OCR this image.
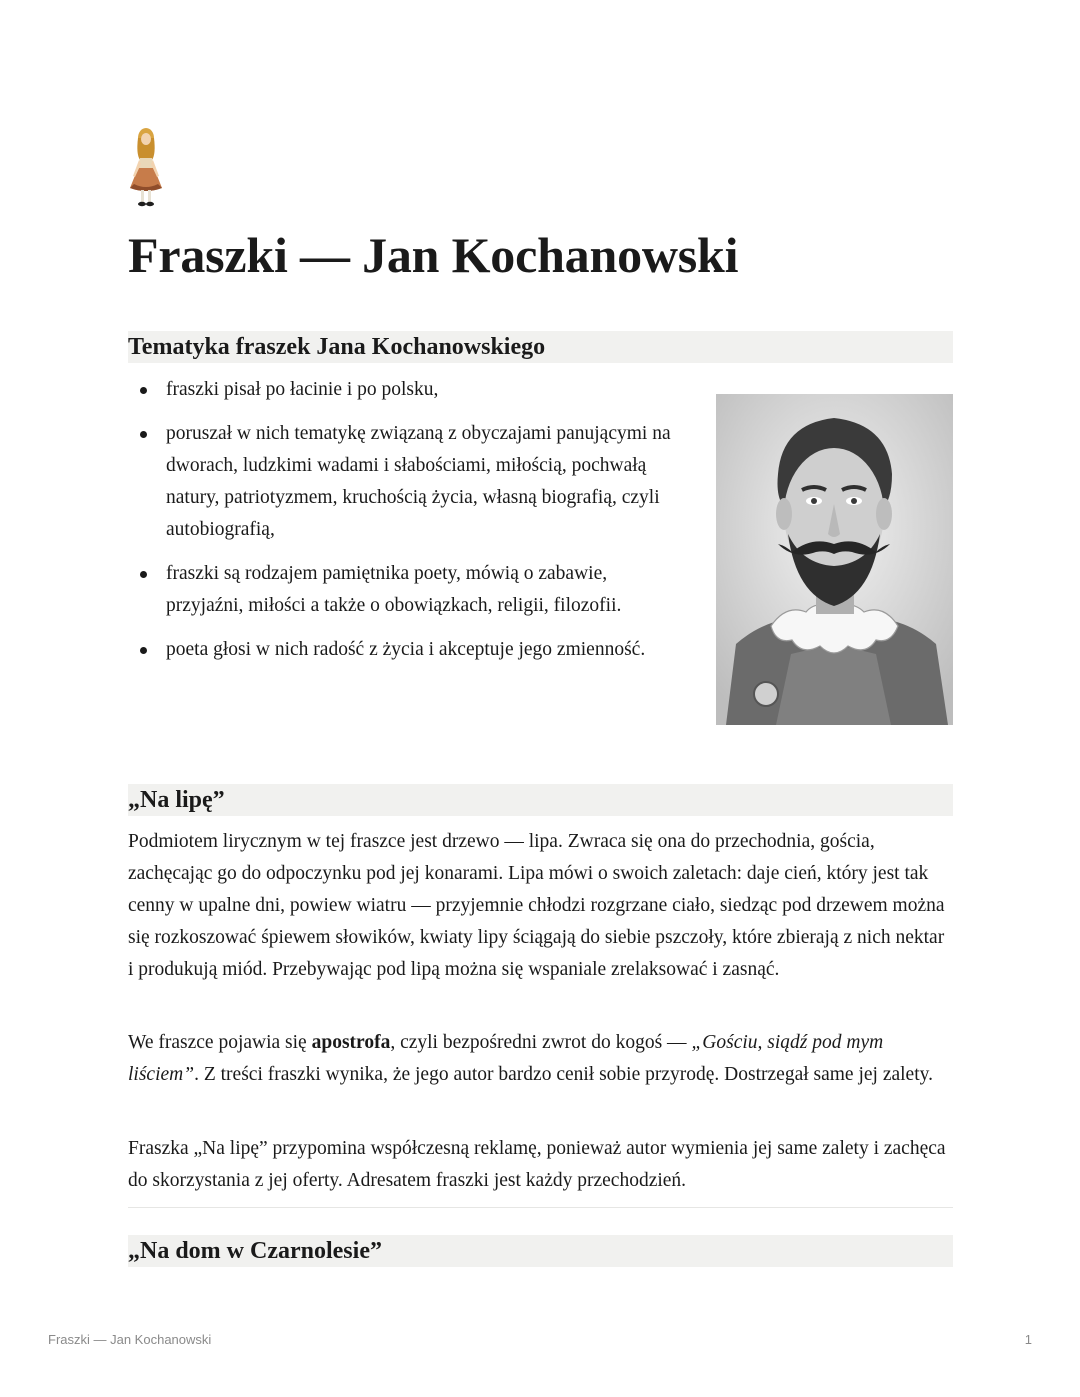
Fraszki — Jan Kochanowski
Tematyka fraszek Jana Kochanowskiego
fraszki pisał po łacinie i po polsku,
poruszał w nich tematykę związaną z obyczajami panującymi na dworach, ludzkimi wadami i słabościami, miłością, pochwałą natury, patriotyzmem, kruchością życia, własną biografią, czyli autobiografią,
fraszki są rodzajem pamiętnika poety, mówią o zabawie, przyjaźni, miłości a także o obowiązkach, religii, filozofii.
poeta głosi w nich radość z życia i akceptuje jego zmienność.
„Na lipę”

Podmiotem lirycznym w tej fraszce jest drzewo — lipa. Zwraca się ona do przechodnia, gościa, zachęcając go do odpoczynku pod jej konarami. Lipa mówi o swoich zaletach: daje cień, który jest tak cenny w upalne dni, powiew wiatru — przyjemnie chłodzi rozgrzane ciało, siedząc pod drzewem można się rozkoszować śpiewem słowików, kwiaty lipy ściągają do siebie pszczoły, które zbierają z nich nektar i produkują miód. Przebywając pod lipą można się wspaniale zrelaksować i zasnąć.

We fraszce pojawia się apostrofa, czyli bezpośredni zwrot do kogoś — „Gościu, siądź pod mym liściem”. Z treści fraszki wynika, że jego autor bardzo cenił sobie przyrodę. Dostrzegał same jej zalety.

Fraszka „Na lipę” przypomina współczesną reklamę, ponieważ autor wymienia jej same zalety i zachęca do skorzystania z jej oferty. Adresatem fraszki jest każdy przechodzień.

„Na dom w Czarnolesie”
Fraszki — Jan Kochanowski	1
